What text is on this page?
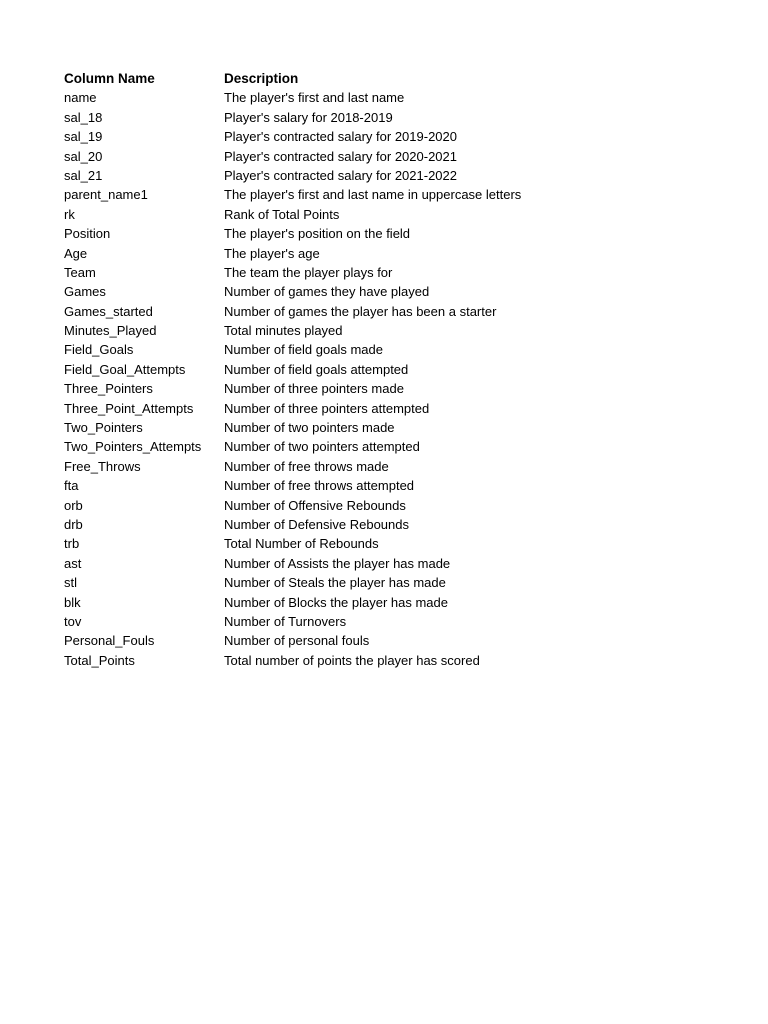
Column Name	Description
name	The player's first and last name
sal_18	Player's salary for 2018-2019
sal_19	Player's contracted salary for 2019-2020
sal_20	Player's contracted salary for 2020-2021
sal_21	Player's contracted salary for 2021-2022
parent_name1	The player's first and last name in uppercase letters
rk	Rank of Total Points
Position	The player's position on the field
Age	The player's age
Team	The team the player plays for
Games	Number of games they have played
Games_started	Number of games the player has been a starter
Minutes_Played	Total minutes played
Field_Goals	Number of field goals made
Field_Goal_Attempts	Number of field goals attempted
Three_Pointers	Number of three pointers made
Three_Point_Attempts	Number of three pointers attempted
Two_Pointers	Number of two pointers made
Two_Pointers_Attempts	Number of two pointers attempted
Free_Throws	Number of free throws made
fta	Number of free throws attempted
orb	Number of Offensive Rebounds
drb	Number of Defensive Rebounds
trb	Total Number of Rebounds
ast	Number of Assists the player has made
stl	Number of Steals the player has made
blk	Number of Blocks the player has made
tov	Number of Turnovers
Personal_Fouls	Number of personal fouls
Total_Points	Total number of points the player has scored
